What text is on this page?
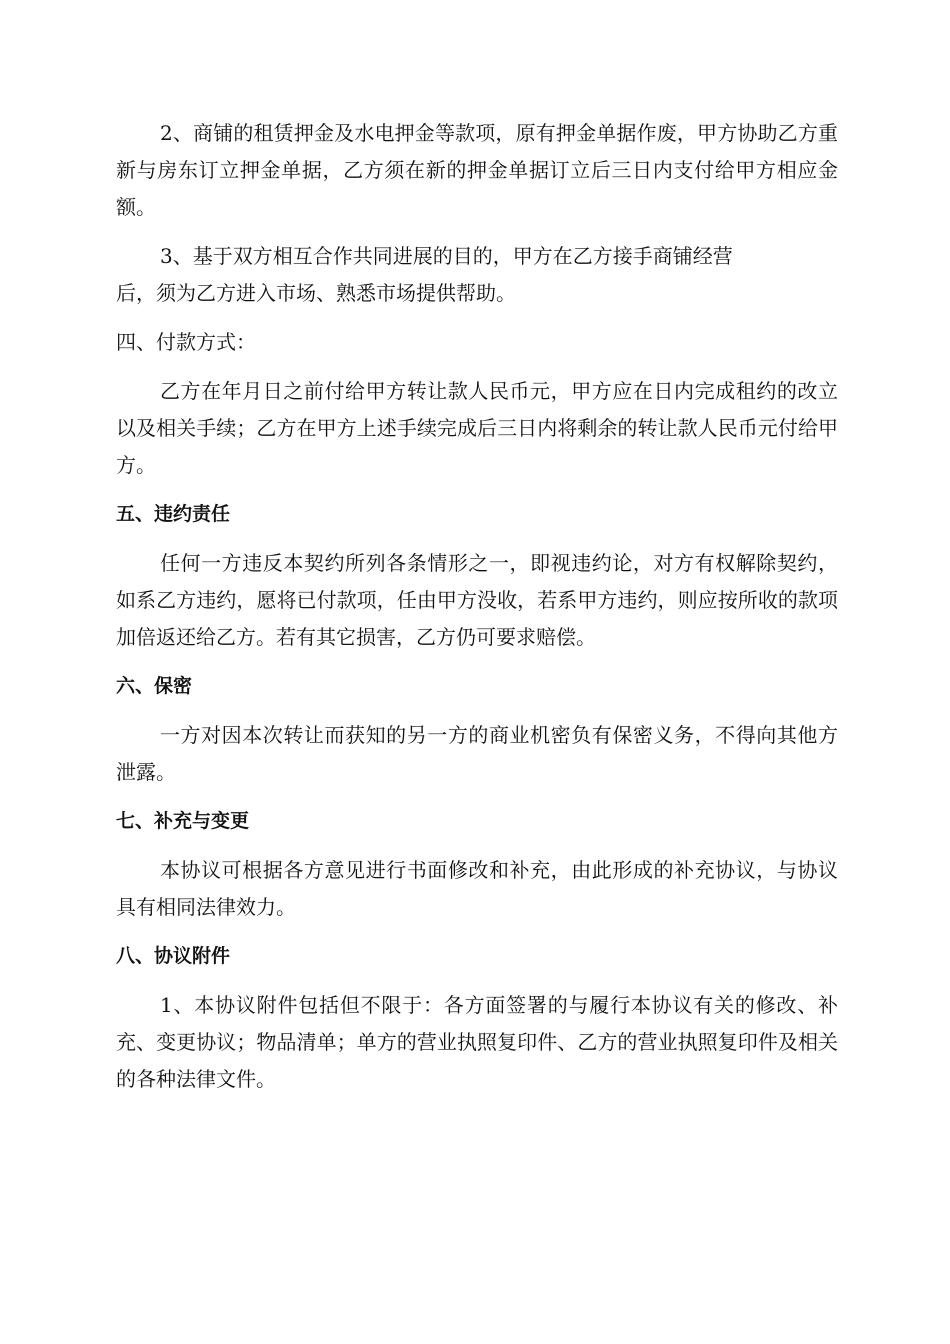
2、商铺的租赁押金及水电押金等款项，原有押金单据作废，甲方协助乙方重新与房东订立押金单据，乙方须在新的押金单据订立后三日内支付给甲方相应金额。

3、基于双方相互合作共同进展的目的，甲方在乙方接手商铺经营

后，须为乙方进入市场、熟悉市场提供帮助。

四、付款方式：

乙方在年月日之前付给甲方转让款人民币元，甲方应在日内完成租约的改立以及相关手续；乙方在甲方上述手续完成后三日内将剩余的转让款人民币元付给甲方。

五、违约责任

任何一方违反本契约所列各条情形之一，即视违约论，对方有权解除契约，如系乙方违约，愿将已付款项，任由甲方没收，若系甲方违约，则应按所收的款项加倍返还给乙方。若有其它损害，乙方仍可要求赔偿。

六、保密

一方对因本次转让而获知的另一方的商业机密负有保密义务，不得向其他方泄露。

七、补充与变更

本协议可根据各方意见进行书面修改和补充，由此形成的补充协议，与协议具有相同法律效力。

八、协议附件

1、本协议附件包括但不限于：各方面签署的与履行本协议有关的修改、补充、变更协议；物品清单；单方的营业执照复印件、乙方的营业执照复印件及相关的各种法律文件。
